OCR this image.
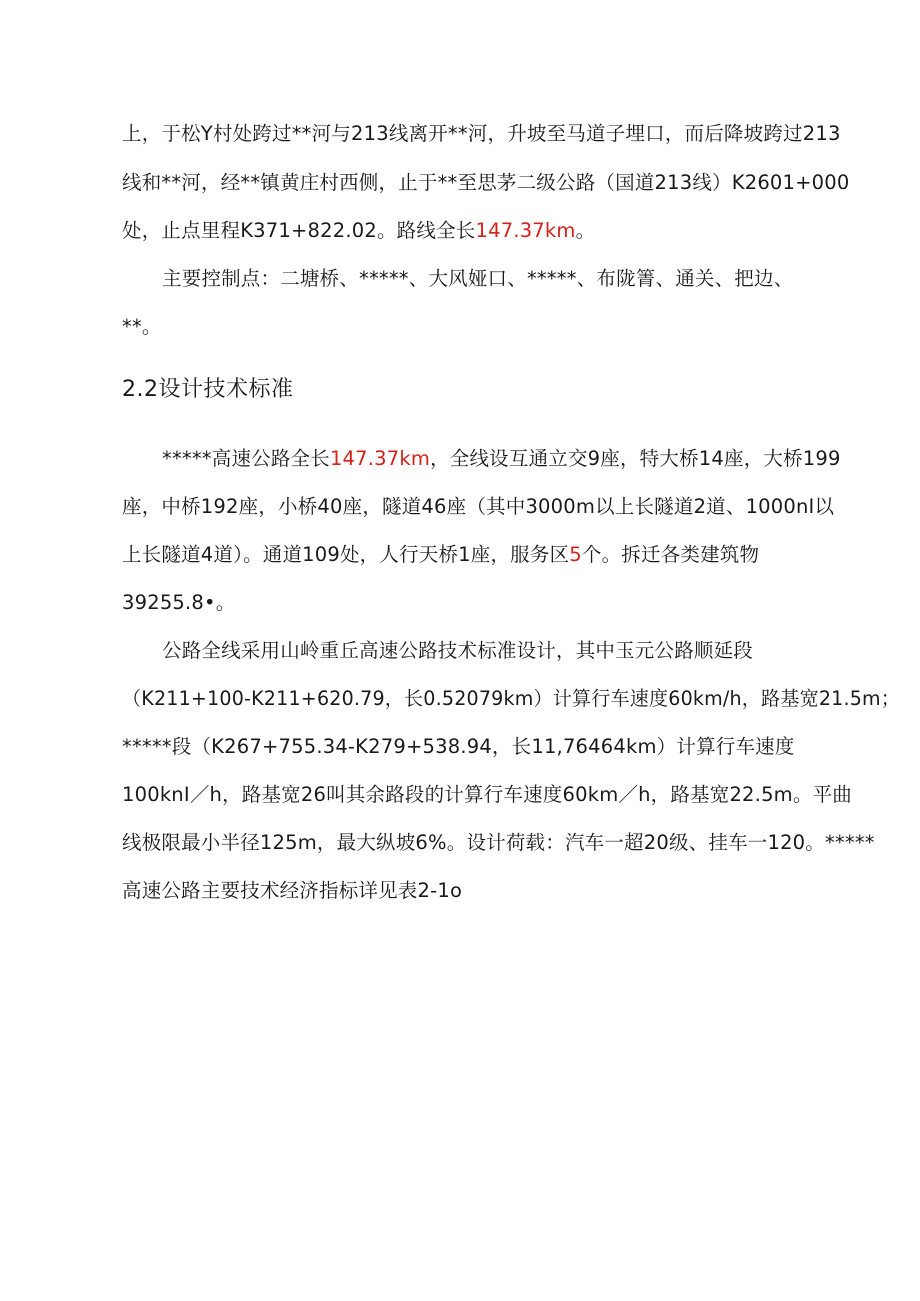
上，于松Y村处跨过**河与213线离开**河，升坡至马道子埋口，而后降坡跨过213
线和**河，经**镇黄庄村西侧，止于**至思茅二级公路（国道213线）K2601+000
处，止点里程K371+822.02。路线全长147.37km。
主要控制点：二塘桥、*****、大风娅口、*****、布陇箐、通关、把边、
**。
2.2设计技术标准
*****高速公路全长147.37km，全线设互通立交9座，特大桥14座，大桥199
座，中桥192座，小桥40座，隧道46座（其中3000m以上长隧道2道、1000nI以
上长隧道4道）。通道109处，人行天桥1座，服务区5个。拆迁各类建筑物
39255.8•。
公路全线采用山岭重丘高速公路技术标准设计，其中玉元公路顺延段
（K211+100-K211+620.79，长0.52079km）计算行车速度60km/h，路基宽21.5m；
*****段（K267+755.34-K279+538.94，长11,76464km）计算行车速度
100knI／h，路基宽26叫其余路段的计算行车速度60km／h，路基宽22.5m。平曲
线极限最小半径125m，最大纵坡6%。设计荷载：汽车一超20级、挂车一120。*****
高速公路主要技术经济指标详见表2-1o
